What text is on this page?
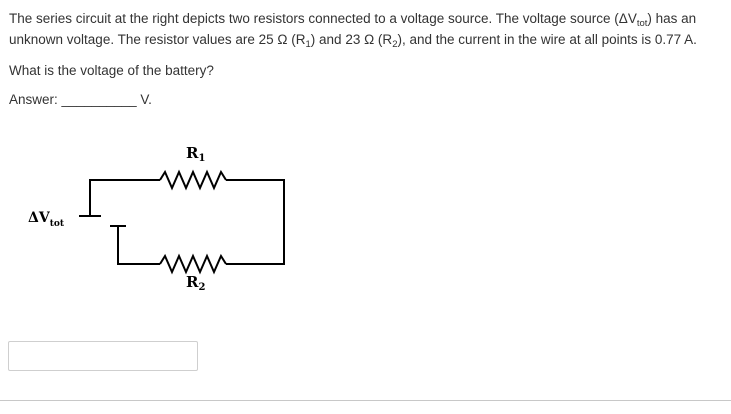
The series circuit at the right depicts two resistors connected to a voltage source. The voltage source $(\Delta V_{tot})$ has an unknown voltage. The resistor values are 25 Ω $(R_1)$ and 23 Ω $(R_2)$, and the current in the wire at all points is 0.77 A.

What is the voltage of the battery?

Answer: __________ V.

$R_1$
$R_2$
$\Delta V_{tot}$
